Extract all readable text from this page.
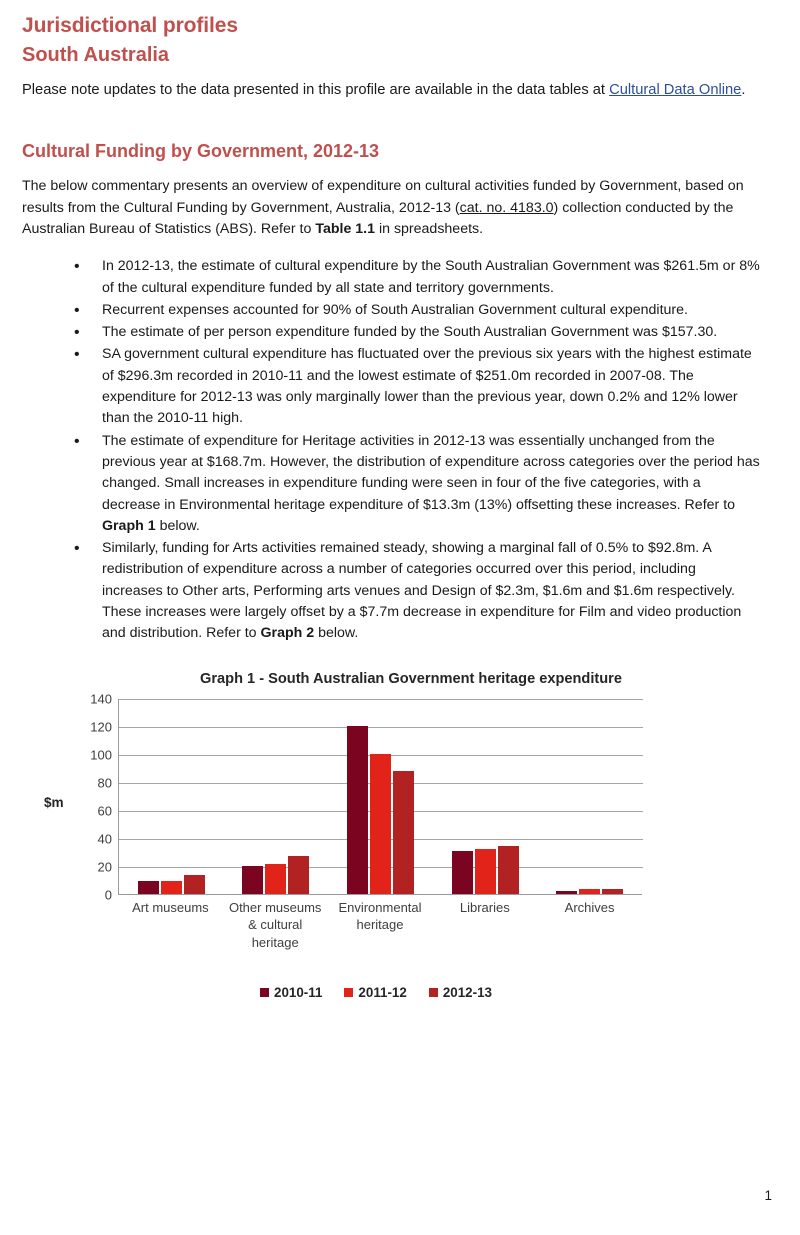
Jurisdictional profiles
South Australia

Please note updates to the data presented in this profile are available in the data tables at Cultural Data Online.

Cultural Funding by Government, 2012-13

The below commentary presents an overview of expenditure on cultural activities funded by Government, based on results from the Cultural Funding by Government, Australia, 2012-13 (cat. no. 4183.0) collection conducted by the Australian Bureau of Statistics (ABS). Refer to Table 1.1 in spreadsheets.

• In 2012-13, the estimate of cultural expenditure by the South Australian Government was $261.5m or 8% of the cultural expenditure funded by all state and territory governments.
• Recurrent expenses accounted for 90% of South Australian Government cultural expenditure.
• The estimate of per person expenditure funded by the South Australian Government was $157.30.
• SA government cultural expenditure has fluctuated over the previous six years with the highest estimate of $296.3m recorded in 2010-11 and the lowest estimate of $251.0m recorded in 2007-08. The expenditure for 2012-13 was only marginally lower than the previous year, down 0.2% and 12% lower than the 2010-11 high.
• The estimate of expenditure for Heritage activities in 2012-13 was essentially unchanged from the previous year at $168.7m. However, the distribution of expenditure across categories over the period has changed. Small increases in expenditure funding were seen in four of the five categories, with a decrease in Environmental heritage expenditure of $13.3m (13%) offsetting these increases. Refer to Graph 1 below.
• Similarly, funding for Arts activities remained steady, showing a marginal fall of 0.5% to $92.8m. A redistribution of expenditure across a number of categories occurred over this period, including increases to Other arts, Performing arts venues and Design of $2.3m, $1.6m and $1.6m respectively. These increases were largely offset by a $7.7m decrease in expenditure for Film and video production and distribution. Refer to Graph 2 below.
Graph 1 - South Australian Government heritage expenditure
$m
140
120
100
80
60
40
20
0
Art museums	Other museums & cultural heritage
Environmental heritage
Libraries	Archives
2010-11	2011-12	2012-13
1
